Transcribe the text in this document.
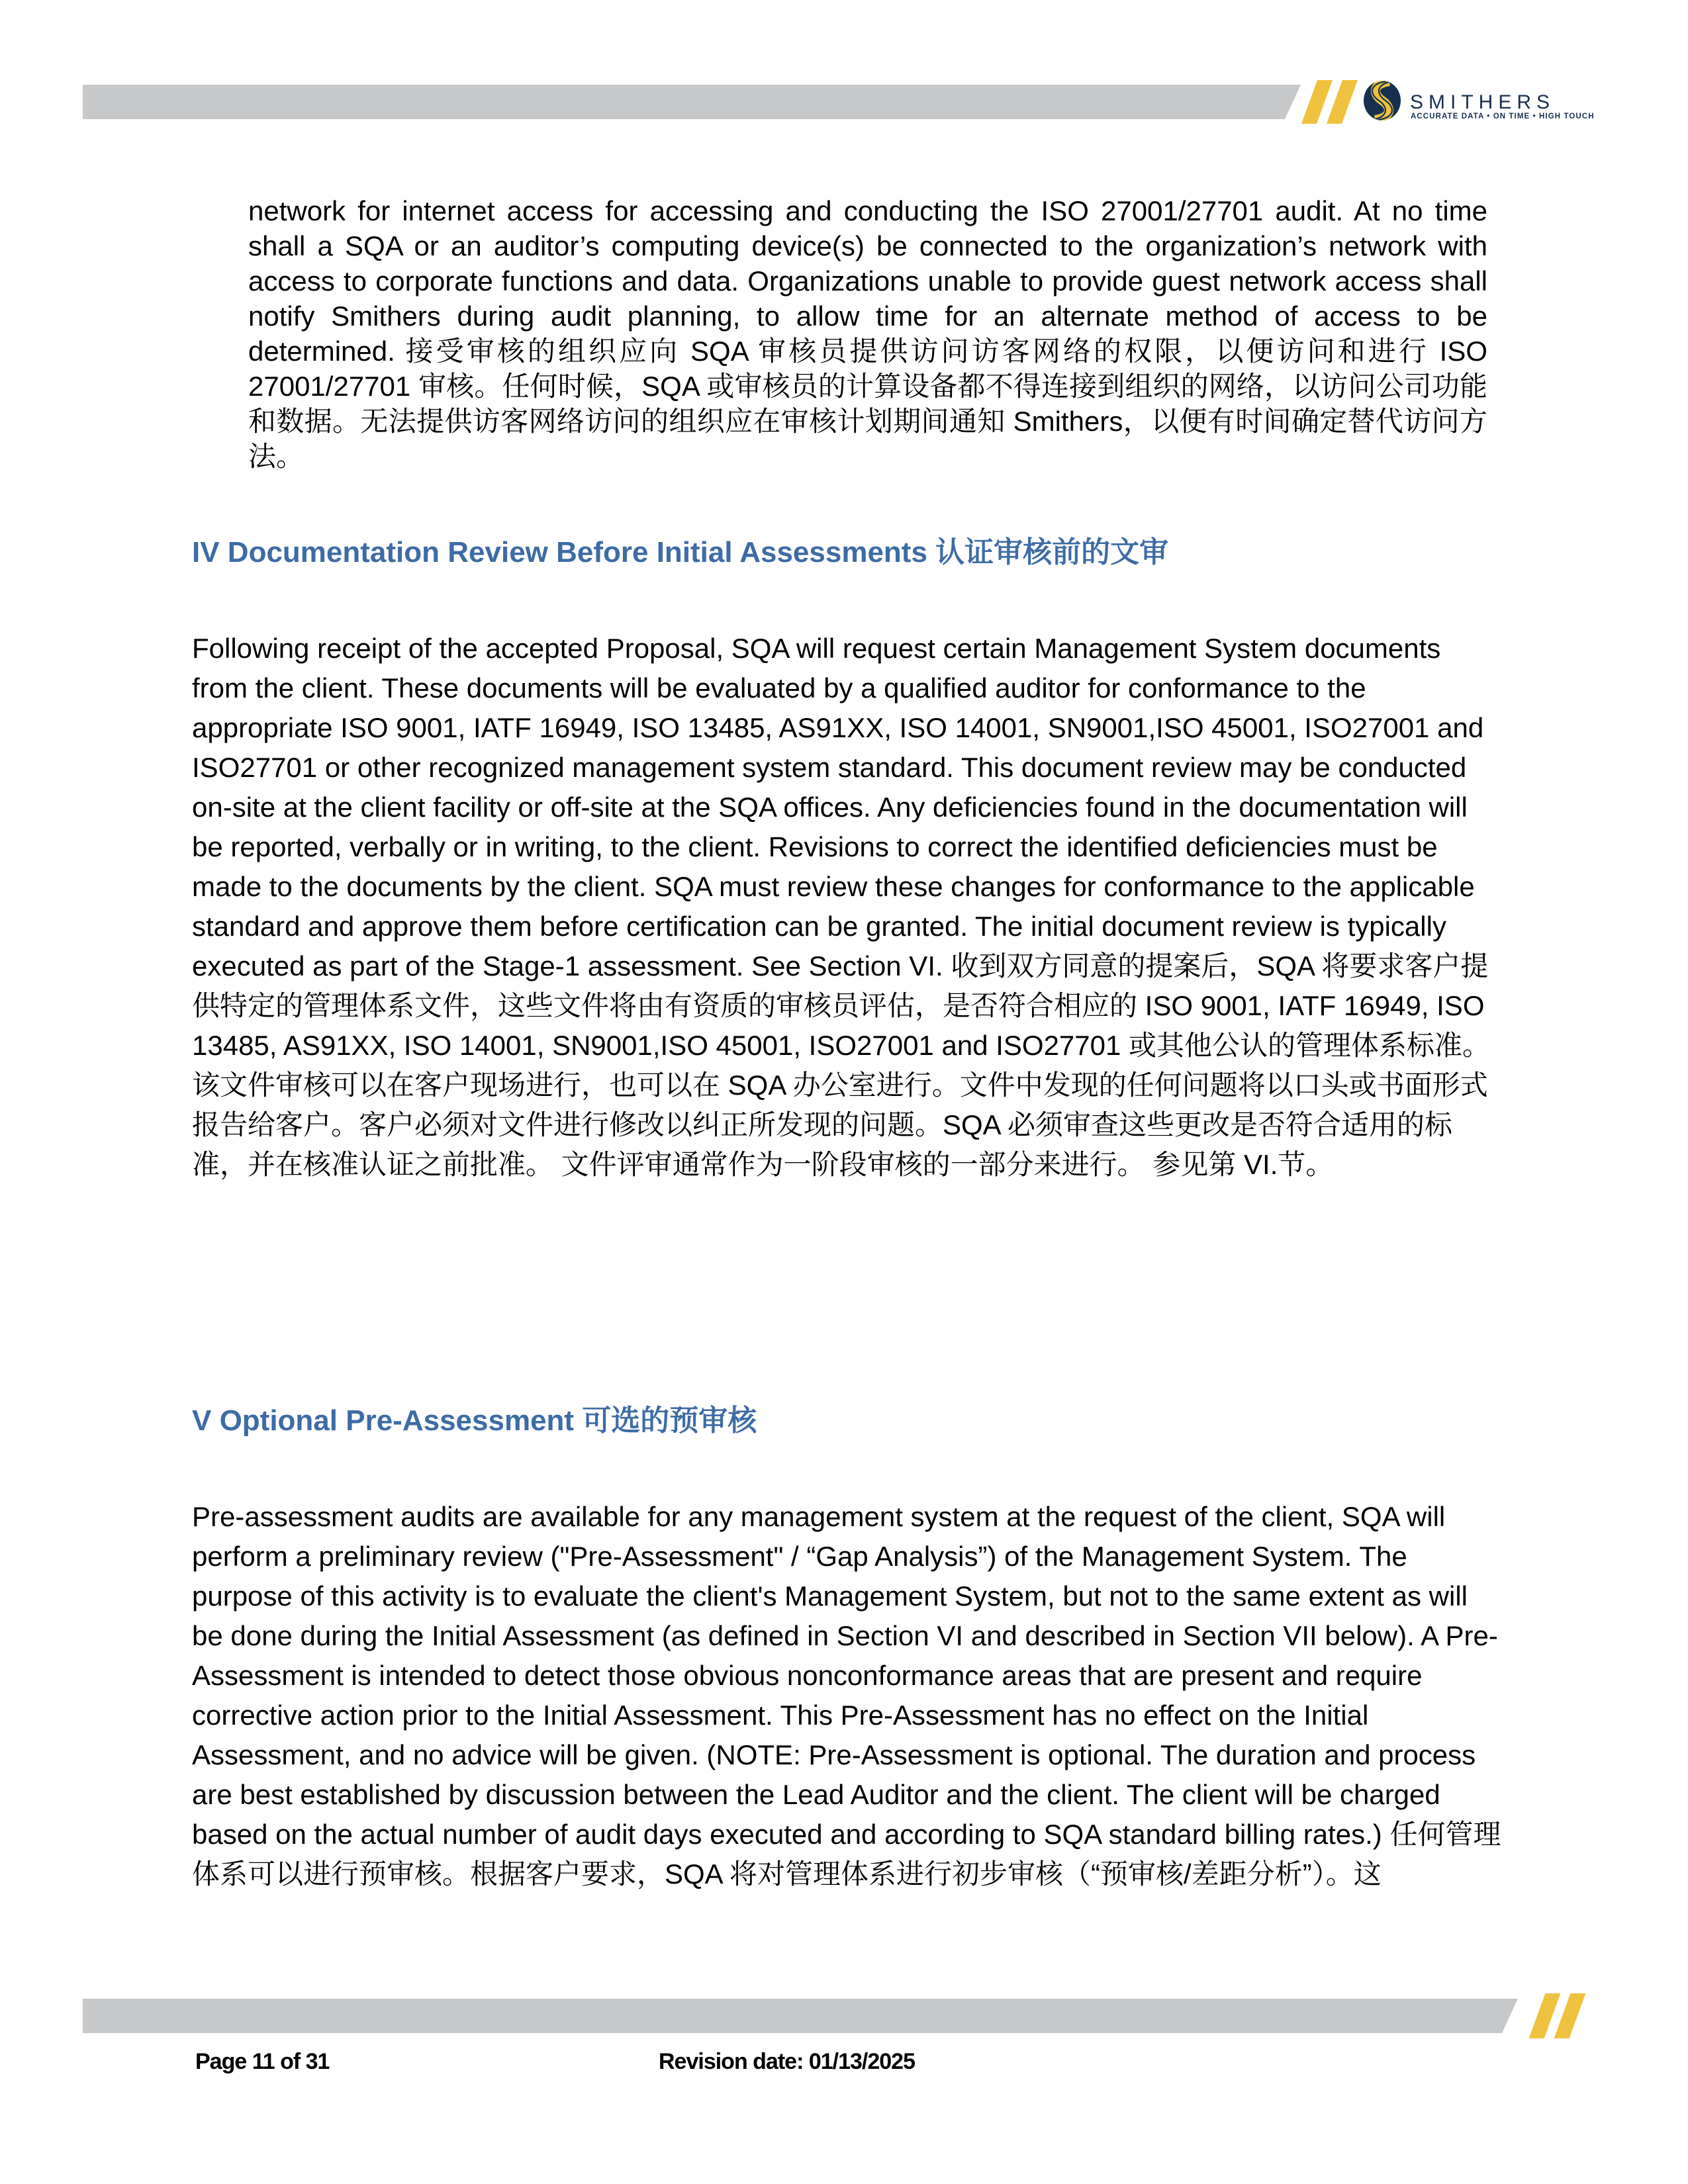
SMITHERS
ACCURATE DATA • ON TIME • HIGH TOUCH
network for internet access for accessing and conducting the ISO 27001/27701 audit. At no time shall a SQA or an auditor’s computing device(s) be connected to the organization’s network with access to corporate functions and data. Organizations unable to provide guest network access shall notify Smithers during audit planning, to allow time for an alternate method of access to be determined. 接受审核的组织应向 SQA 审核员提供访问访客网络的权限，以便访问和进行 ISO 27001/27701 审核。任何时候，SQA 或审核员的计算设备都不得连接到组织的网络，以访问公司功能和数据。无法提供访客网络访问的组织应在审核计划期间通知 Smithers，以便有时间确定替代访问方法。
IV Documentation Review Before Initial Assessments 认证审核前的文审
Following receipt of the accepted Proposal, SQA will request certain Management System documents from the client. These documents will be evaluated by a qualified auditor for conformance to the appropriate ISO 9001, IATF 16949, ISO 13485, AS91XX, ISO 14001, SN9001,ISO 45001, ISO27001 and ISO27701 or other recognized management system standard. This document review may be conducted on-site at the client facility or off-site at the SQA offices. Any deficiencies found in the documentation will be reported, verbally or in writing, to the client. Revisions to correct the identified deficiencies must be made to the documents by the client. SQA must review these changes for conformance to the applicable standard and approve them before certification can be granted. The initial document review is typically executed as part of the Stage-1 assessment. See Section VI. 收到双方同意的提案后，SQA 将要求客户提供特定的管理体系文件，这些文件将由有资质的审核员评估，是否符合相应的 ISO 9001, IATF 16949, ISO 13485, AS91XX, ISO 14001, SN9001,ISO 45001, ISO27001 and ISO27701 或其他公认的管理体系标准。该文件审核可以在客户现场进行，也可以在 SQA 办公室进行。文件中发现的任何问题将以口头或书面形式报告给客户。客户必须对文件进行修改以纠正所发现的问题。SQA 必须审查这些更改是否符合适用的标准，并在核准认证之前批准。 文件评审通常作为一阶段审核的一部分来进行。 参见第 VI.节。
V Optional Pre-Assessment 可选的预审核
Pre-assessment audits are available for any management system at the request of the client, SQA will perform a preliminary review ("Pre-Assessment" / “Gap Analysis”) of the Management System. The purpose of this activity is to evaluate the client's Management System, but not to the same extent as will be done during the Initial Assessment (as defined in Section VI and described in Section VII below). A Pre-Assessment is intended to detect those obvious nonconformance areas that are present and require corrective action prior to the Initial Assessment. This Pre-Assessment has no effect on the Initial Assessment, and no advice will be given. (NOTE: Pre-Assessment is optional. The duration and process are best established by discussion between the Lead Auditor and the client. The client will be charged based on the actual number of audit days executed and according to SQA standard billing rates.) 任何管理体系可以进行预审核。根据客户要求，SQA 将对管理体系进行初步审核（“预审核/差距分析”）。这
Page 11 of 31	Revision date: 01/13/2025
